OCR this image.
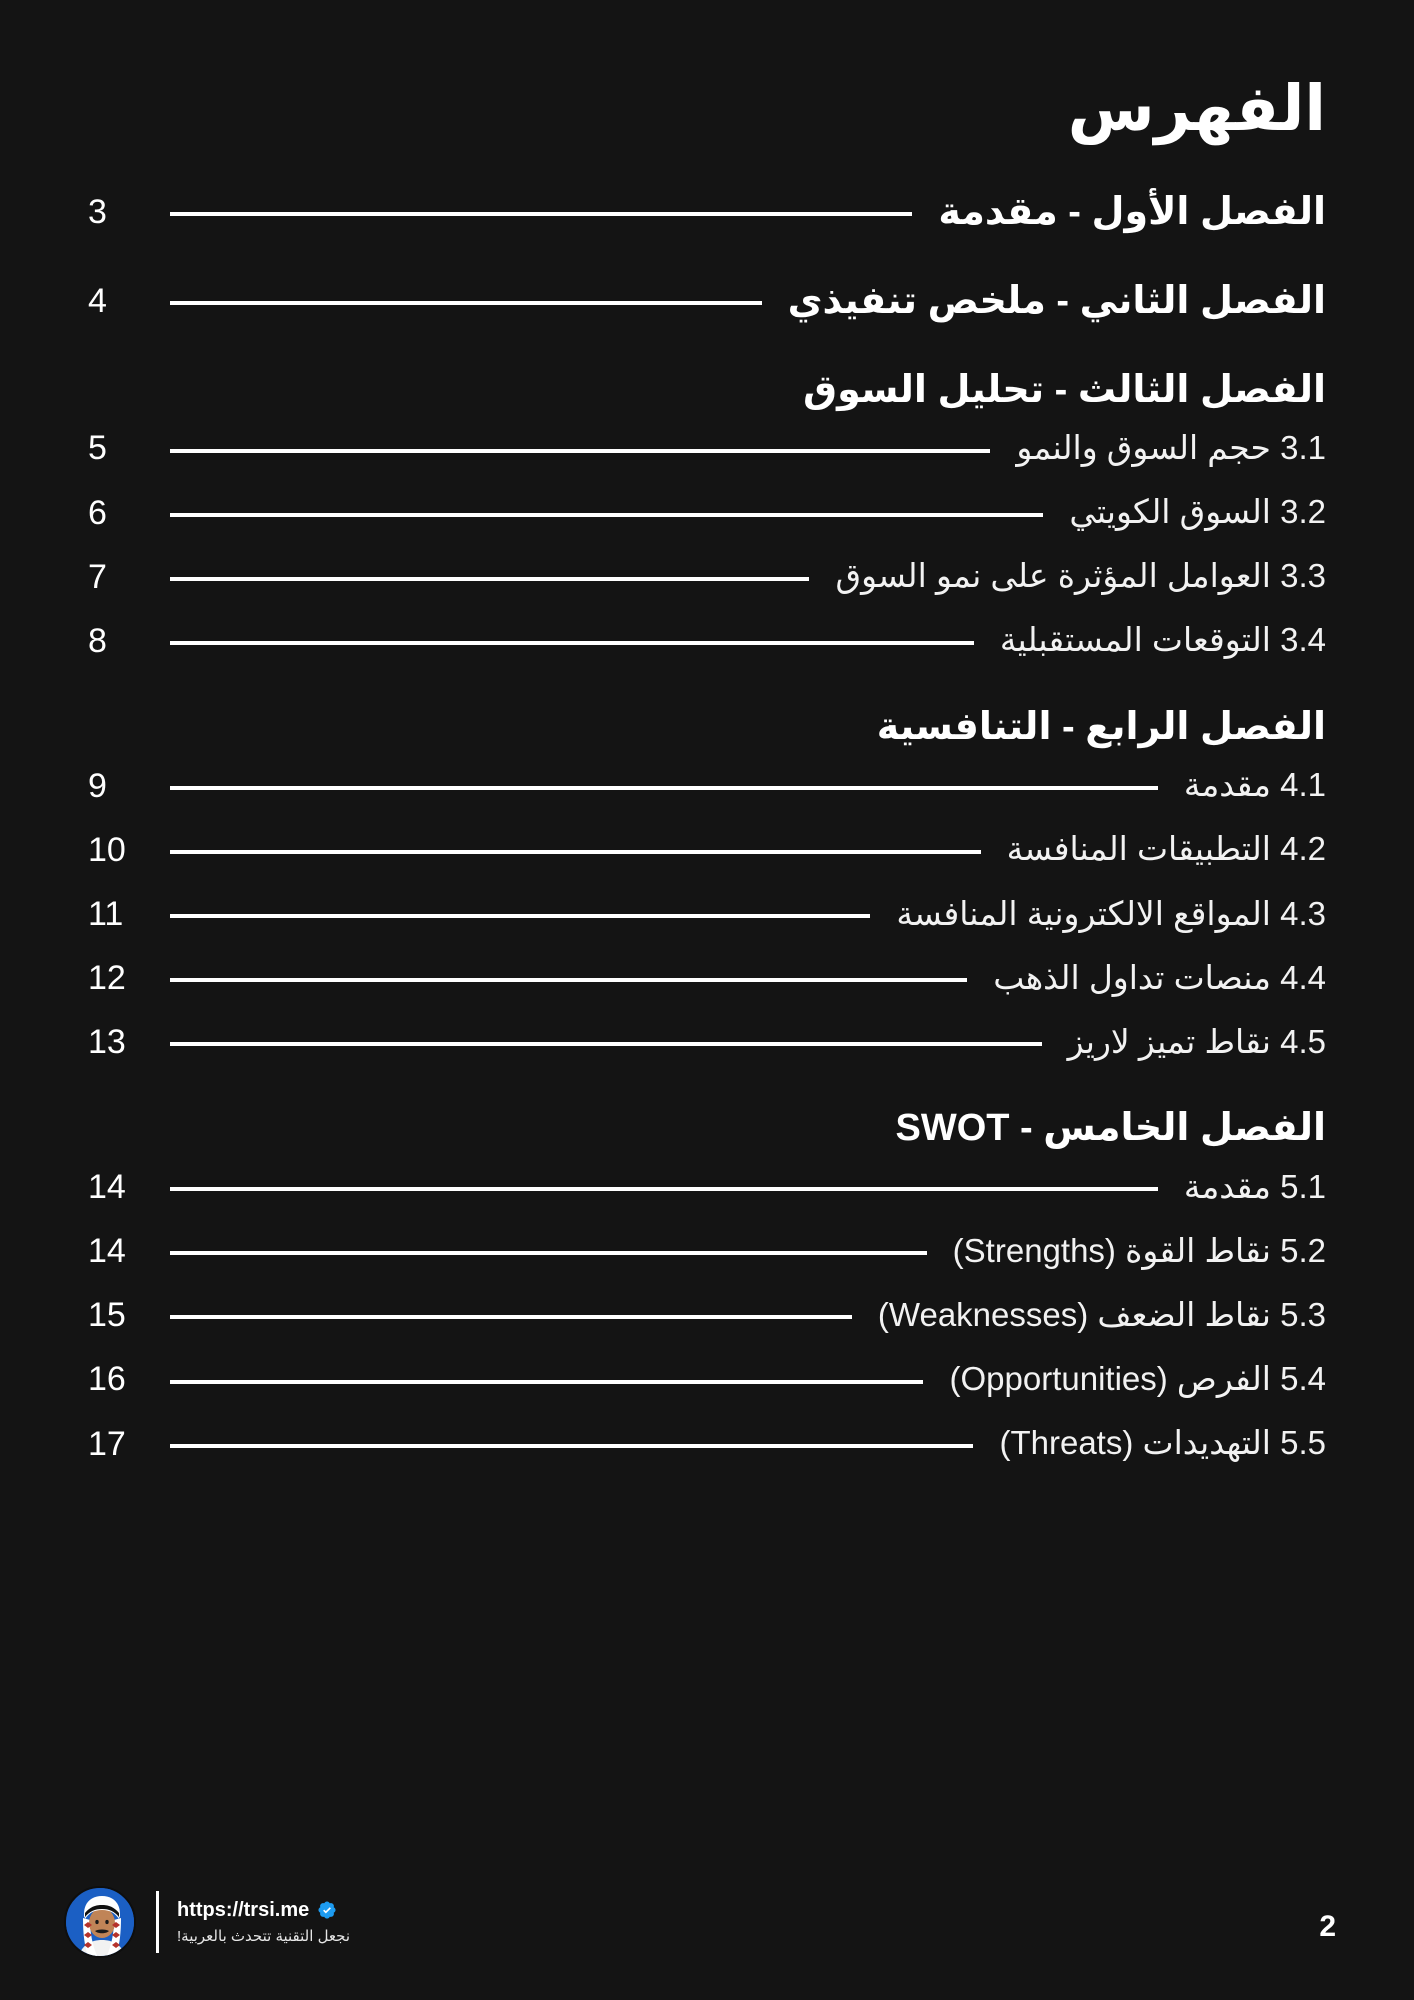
الفهرس
الفصل الأول - مقدمة
3
الفصل الثاني - ملخص تنفيذي
4
الفصل الثالث - تحليل السوق
3.1 حجم السوق والنمو
5
3.2 السوق الكويتي
6
3.3 العوامل المؤثرة على نمو السوق
7
3.4 التوقعات المستقبلية
8
الفصل الرابع - التنافسية
4.1 مقدمة
9
4.2 التطبيقات المنافسة
10
4.3 المواقع الالكترونية المنافسة
11
4.4 منصات تداول الذهب
12
4.5 نقاط تميز لاريز
13
الفصل الخامس - SWOT
5.1 مقدمة
14
5.2 نقاط القوة (Strengths)
14
5.3 نقاط الضعف (Weaknesses)
15
5.4 الفرص (Opportunities)
16
5.5 التهديدات (Threats)
17
https://trsi.me
نجعل التقنية تتحدث بالعربية!	2
